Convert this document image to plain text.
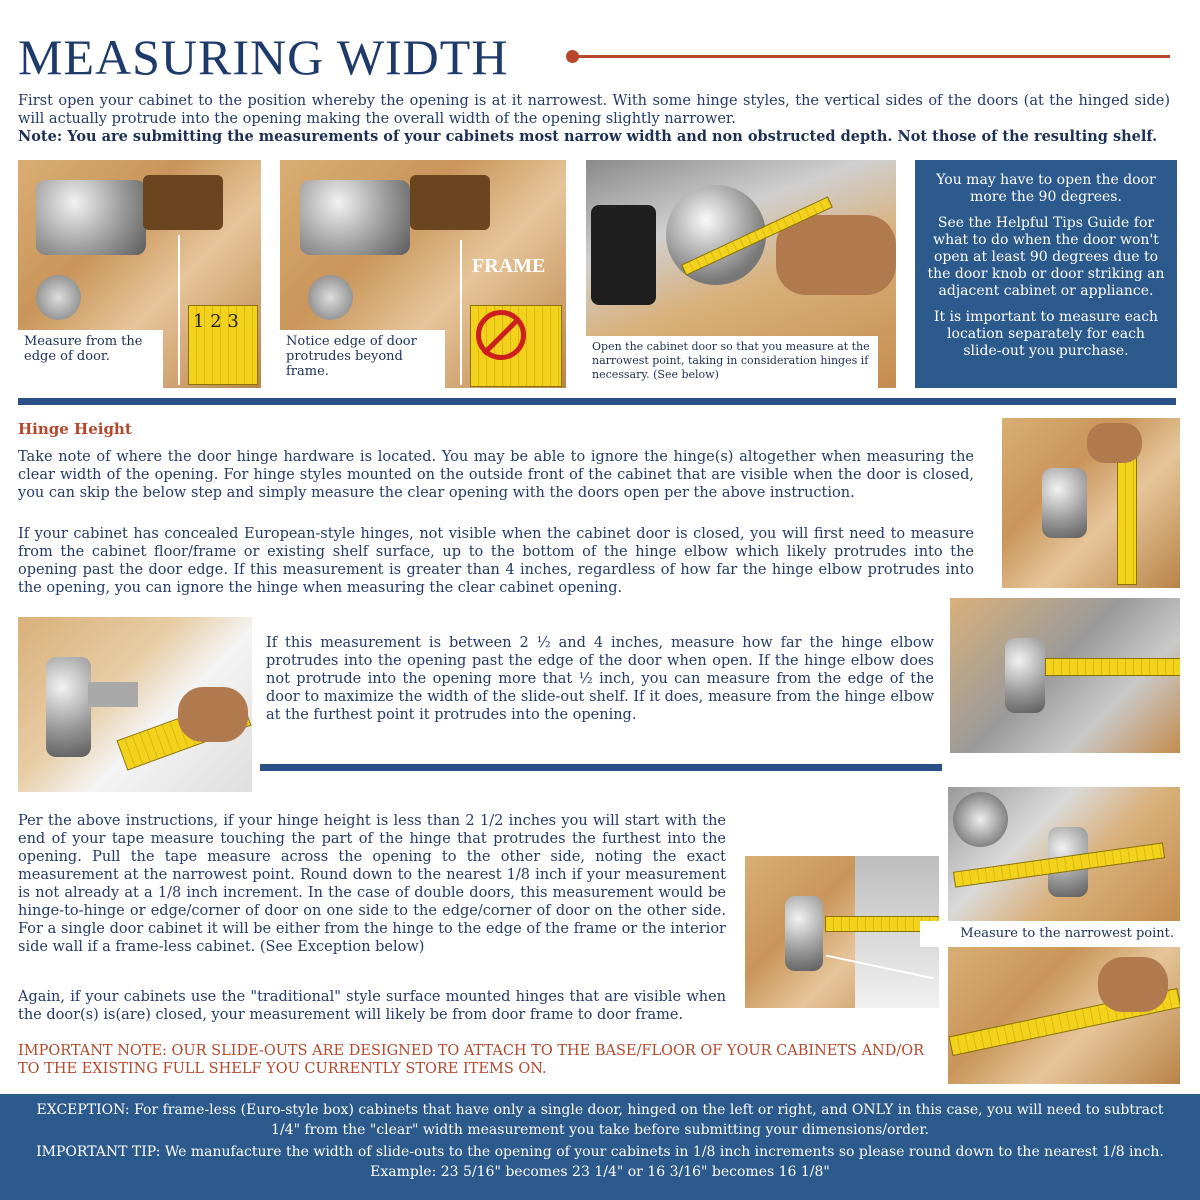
MEASURING WIDTH
First open your cabinet to the position whereby the opening is at it narrowest. With some hinge styles, the vertical sides of the doors (at the hinged side) will actually protrude into the opening making the overall width of the opening slightly narrower.
Note: You are submitting the measurements of your cabinets most narrow width and non obstructed depth. Not those of the resulting shelf.
1 2 3
Measure from the edge of door.
FRAME
Notice edge of door protrudes beyond frame.
Open the cabinet door so that you measure at the narrowest point, taking in consideration hinges if necessary. (See below)

You may have to open the door more the 90 degrees.

See the Helpful Tips Guide for what to do when the door won't open at least 90 degrees due to the door knob or door striking an adjacent cabinet or appliance.

It is important to measure each location separately for each slide-out you purchase.

Hinge Height
Take note of where the door hinge hardware is located. You may be able to ignore the hinge(s) altogether when measuring the clear width of the opening. For hinge styles mounted on the outside front of the cabinet that are visible when the door is closed, you can skip the below step and simply measure the clear opening with the doors open per the above instruction.
If your cabinet has concealed European-style hinges, not visible when the cabinet door is closed, you will first need to measure from the cabinet floor/frame or existing shelf surface, up to the bottom of the hinge elbow which likely protrudes into the opening past the door edge. If this measurement is greater than 4 inches, regardless of how far the hinge elbow protrudes into the opening, you can ignore the hinge when measuring the clear cabinet opening.
If this measurement is between 2 ½ and 4 inches, measure how far the hinge elbow protrudes into the opening past the edge of the door when open. If the hinge elbow does not protrude into the opening more that ½ inch, you can measure from the edge of the door to maximize the width of the slide-out shelf. If it does, measure from the hinge elbow at the furthest point it protrudes into the opening.
Per the above instructions, if your hinge height is less than 2 1/2 inches you will start with the end of your tape measure touching the part of the hinge that protrudes the furthest into the opening. Pull the tape measure across the opening to the other side, noting the exact measurement at the narrowest point. Round down to the nearest 1/8 inch if your measurement is not already at a 1/8 inch increment. In the case of double doors, this measurement would be hinge-to-hinge or edge/corner of door on one side to the edge/corner of door on the other side. For a single door cabinet it will be either from the hinge to the edge of the frame or the interior side wall if a frame-less cabinet. (See Exception below)
Again, if your cabinets use the "traditional" style surface mounted hinges that are visible when the door(s) is(are) closed, your measurement will likely be from door frame to door frame.
IMPORTANT NOTE: OUR SLIDE-OUTS ARE DESIGNED TO ATTACH TO THE BASE/FLOOR OF YOUR CABINETS AND/OR TO THE EXISTING FULL SHELF YOU CURRENTLY STORE ITEMS ON.
Measure to the narrowest point.

EXCEPTION: For frame-less (Euro-style box) cabinets that have only a single door, hinged on the left or right, and ONLY in this case, you will need to subtract 1/4" from the "clear" width measurement you take before submitting your dimensions/order.

IMPORTANT TIP: We manufacture the width of slide-outs to the opening of your cabinets in 1/8 inch increments so please round down to the nearest 1/8 inch. Example: 23 5/16" becomes 23 1/4" or 16 3/16" becomes 16 1/8"
